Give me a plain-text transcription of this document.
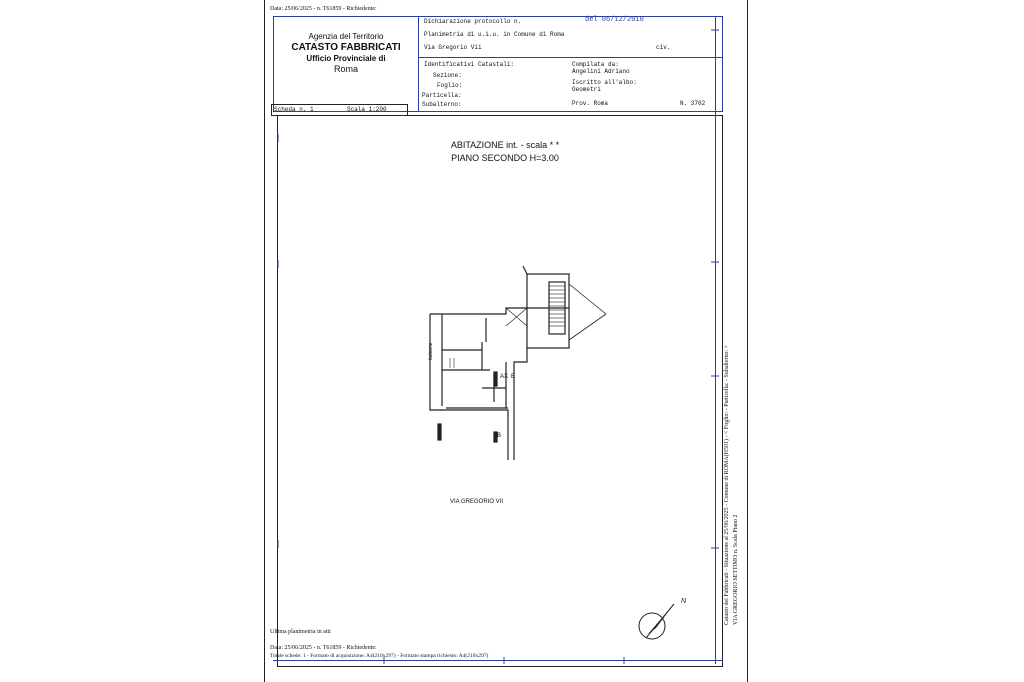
Data: 25/06/2025 - n. T61859 - Richiedente:
Agenzia del Territorio
CATASTO FABBRICATI
Ufficio Provinciale di
Roma
Dichiarazione protocollo n.	del 06/12/2010
Planimetria di u.i.u. in Comune di Roma
Via Gregorio Vii	civ.
Identificativi Catastali:
Sezione:
Foglio:
Particella:
Subalterno:
Compilata da:
Angelini Adriano
Iscritto all'albo:
Geometri
Prov. Roma	N. 3702
Scheda n. 1	Scala 1:200
ABITAZIONE int. - scala * *
PIANO SECONDO H=3.00
balcone
AX E
B
VIA GREGORIO VII
N	Catasto dei Fabbricati - Situazione al 25/06/2025 - Comune di ROMA(H501) - < Foglio: - Particella: - Subalterno: > VIA GREGORIO SETTIMO n. Scala Piano 2
Ultima planimetria in atti
Data: 25/06/2025 - n. T61859 - Richiedente:
Totale schede: 1 - Formato di acquisizione: A4(210x297) - Formato stampa richiesto: A4(210x297)
